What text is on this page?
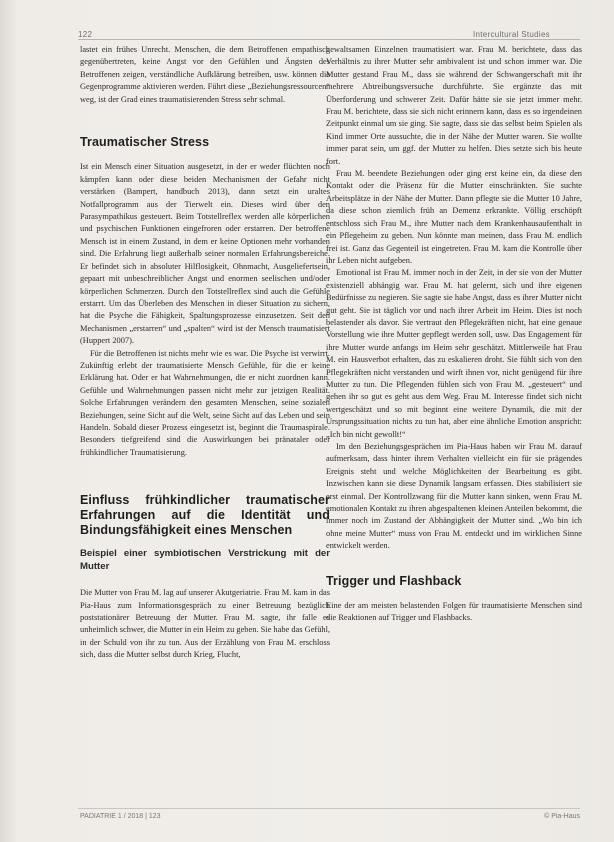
122	Intercultural Studies

lastet ein frühes Unrecht. Menschen, die dem Betroffenen empathisch gegenübertreten, keine Angst vor den Gefühlen und Ängsten des Betroffenen zeigen, verständliche Aufklärung betreiben, usw. können die Gegenprogramme aktivieren werden. Führt diese „Beziehungsressourcen“ weg, ist der Grad eines traumatisierenden Stress sehr schmal.

Traumatischer Stress

Ist ein Mensch einer Situation ausgesetzt, in der er weder flüchten noch kämpfen kann oder diese beiden Mechanismen der Gefahr nicht verstärken (Bampert, handbuch 2013), dann setzt ein uraltes Notfallprogramm aus der Tierwelt ein. Dieses wird über den Parasympathikus gesteuert. Beim Totstellreflex werden alle körperlichen und psychischen Funktionen eingefroren oder erstarren. Der betroffene Mensch ist in einem Zustand, in dem er keine Optionen mehr vorhanden sind. Die Erfahrung liegt außerhalb seiner normalen Erfahrungsbereiche. Er befindet sich in absoluter Hilflosigkeit, Ohnmacht, Ausgeliefertsein, gepaart mit unbeschreiblicher Angst und enormen seelischen und/oder körperlichen Schmerzen. Durch den Totstellreflex sind auch die Gefühle erstarrt. Um das Überleben des Menschen in dieser Situation zu sichern, hat die Psyche die Fähigkeit, Spaltungsprozesse einzusetzen. Seit den Mechanismen „erstarren“ und „spalten“ wird ist der Mensch traumatisiert (Huppert 2007).

Für die Betroffenen ist nichts mehr wie es war. Die Psyche ist verwirrt. Zukünftig erlebt der traumatisierte Mensch Gefühle, für die er keine Erklärung hat. Oder er hat Wahrnehmungen, die er nicht zuordnen kann. Gefühle und Wahrnehmungen passen nicht mehr zur jetzigen Realität. Solche Erfahrungen verändern den gesamten Menschen, seine sozialen Beziehungen, seine Sicht auf die Welt, seine Sicht auf das Leben und sein Handeln. Sobald dieser Prozess eingesetzt ist, beginnt die Traumaspirale. Besonders tiefgreifend sind die Auswirkungen bei pränataler oder frühkindlicher Traumatisierung.

Einfluss frühkindlicher traumatischer Erfahrungen auf die Identität und Bindungsfähigkeit eines Menschen
Beispiel einer symbiotischen Verstrickung mit der Mutter

Die Mutter von Frau M. lag auf unserer Akutgeriatrie. Frau M. kam in das Pia-Haus zum Informationsgespräch zu einer Betreuung bezüglich poststationärer Betreuung der Mutter. Frau M. sagte, ihr falle es unheimlich schwer, die Mutter in ein Heim zu geben. Sie habe das Gefühl, in der Schuld von ihr zu tun. Aus der Erzählung von Frau M. erschloss sich, dass die Mutter selbst durch Krieg, Flucht,

gewaltsamen Einzelnen traumatisiert war. Frau M. berichtete, dass das Verhältnis zu ihrer Mutter sehr ambivalent ist und schon immer war. Die Mutter gestand Frau M., dass sie während der Schwangerschaft mit ihr mehrere Abtreibungsversuche durchführte. Sie ergänzte das mit Überforderung und schwerer Zeit. Dafür hätte sie sie jetzt immer mehr. Frau M. berichtete, dass sie sich nicht erinnern kann, dass es so irgendeinen Zeitpunkt einmal um sie ging. Sie sagte, dass sie das selbst beim Spielen als Kind immer Orte aussuchte, die in der Nähe der Mutter waren. Sie wollte immer parat sein, um ggf. der Mutter zu helfen. Dies setzte sich bis heute fort.

Frau M. beendete Beziehungen oder ging erst keine ein, da diese den Kontakt oder die Präsenz für die Mutter einschränkten. Sie suchte Arbeitsplätze in der Nähe der Mutter. Dann pflegte sie die Mutter 10 Jahre, da diese schon ziemlich früh an Demenz erkrankte. Völlig erschöpft entschloss sich Frau M., ihre Mutter nach dem Krankenhausaufenthalt in ein Pflegeheim zu geben. Nun könnte man meinen, dass Frau M. endlich frei ist. Ganz das Gegenteil ist eingetreten. Frau M. kam die Kontrolle über ihr Leben nicht aufgeben.

Emotional ist Frau M. immer noch in der Zeit, in der sie von der Mutter existenziell abhängig war. Frau M. hat gelernt, sich und ihre eigenen Bedürfnisse zu negieren. Sie sagte sie habe Angst, dass es ihrer Mutter nicht gut geht. Sie ist täglich vor und nach ihrer Arbeit im Heim. Dies ist noch belastender als davor. Sie vertraut den Pflegekräften nicht, hat eine genaue Vorstellung wie ihre Mutter gepflegt werden soll, usw. Das Engagement für ihre Mutter wurde anfangs im Heim sehr geschätzt. Mittlerweile hat Frau M. ein Hausverbot erhalten, das zu eskalieren droht. Sie fühlt sich von den Pflegekräften nicht verstanden und wirft ihnen vor, nicht genügend für ihre Mutter zu tun. Die Pflegenden fühlen sich von Frau M. „gesteuert“ und gehen ihr so gut es geht aus dem Weg. Frau M. Interesse findet sich nicht wertgeschätzt und so mit beginnt eine weitere Dynamik, die mit der Ursprungssituation nichts zu tun hat, aber eine ähnliche Emotion anspricht: „Ich bin nicht gewollt!“

Im den Beziehungsgesprächen im Pia-Haus haben wir Frau M. darauf aufmerksam, dass hinter ihrem Verhalten vielleicht ein für sie prägendes Ereignis steht und welche Möglichkeiten der Bearbeitung es gibt. Inzwischen kann sie diese Dynamik langsam erfassen. Dies stabilisiert sie erst einmal. Der Kontrollzwang für die Mutter kann sinken, wenn Frau M. emotionalen Kontakt zu ihren abgespaltenen kleinen Anteilen bekommt, die immer noch im Zustand der Abhängigkeit der Mutter sind. „Wo bin ich ohne meine Mutter“ muss von Frau M. entdeckt und im wirklichen Sinne entwickelt werden.

Trigger und Flashback

Eine der am meisten belastenden Folgen für traumatisierte Menschen sind die Reaktionen auf Trigger und Flashbacks.

PADIATRIE 1 / 2018 | 123	© Pia-Haus
